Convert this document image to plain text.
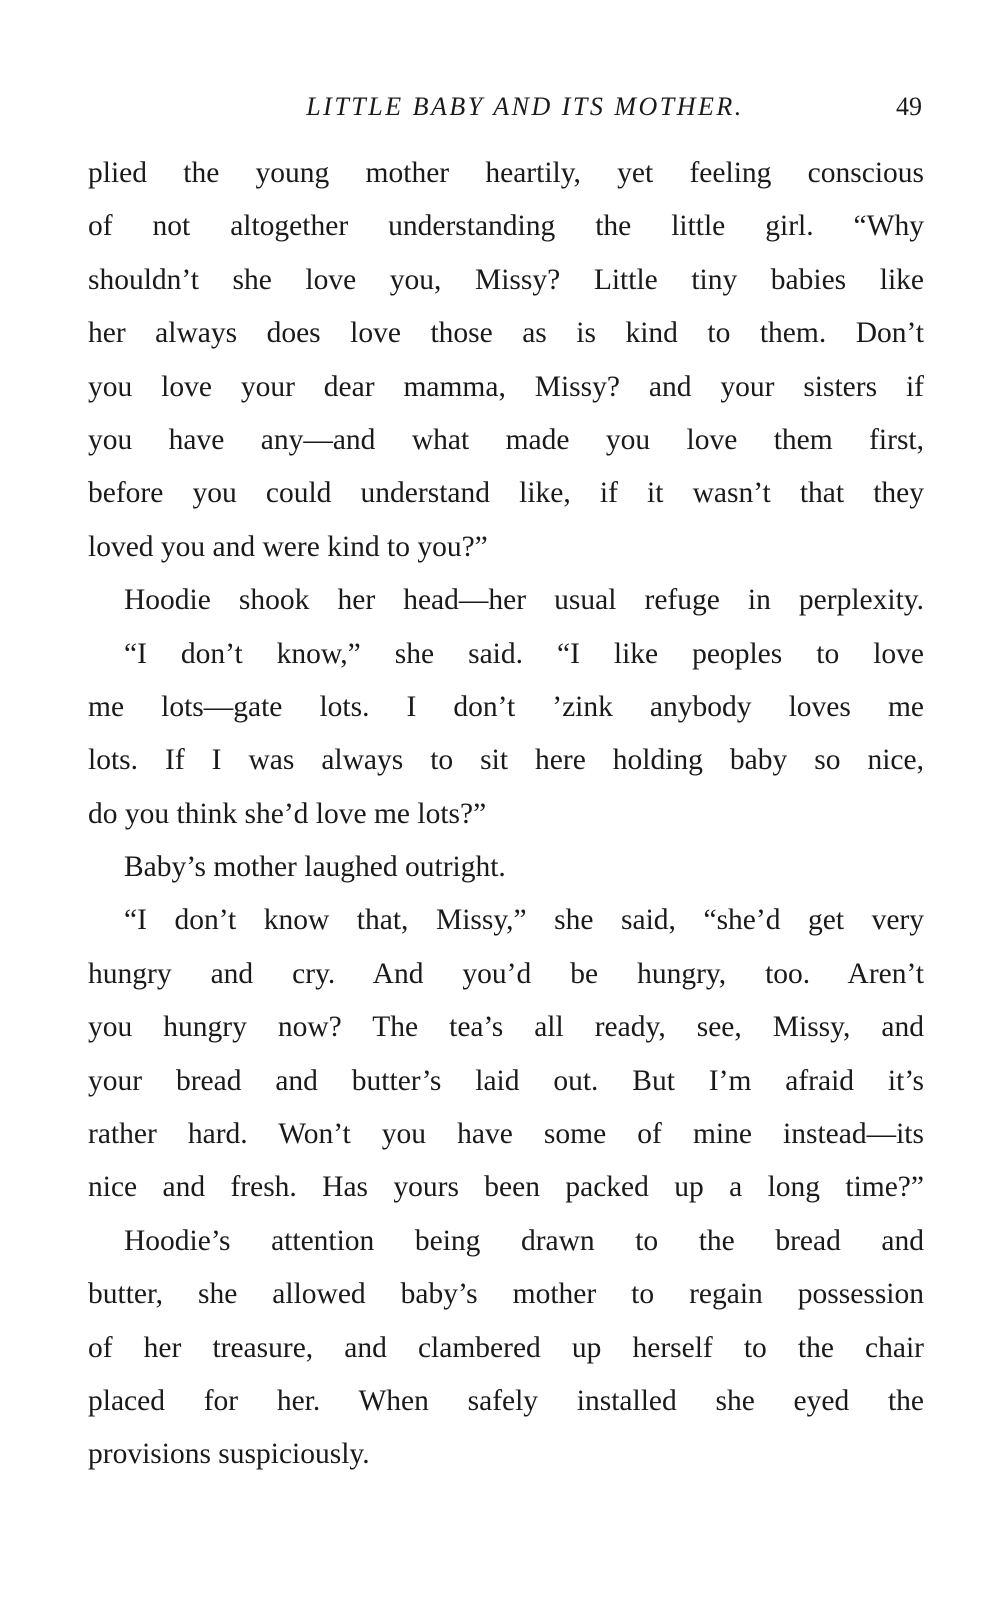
LITTLE BABY AND ITS MOTHER.	49
plied the young mother heartily, yet feeling conscious
of not altogether understanding the little girl. “Why
shouldn’t she love you, Missy? Little tiny babies like
her always does love those as is kind to them. Don’t
you love your dear mamma, Missy? and your sisters if
you have any—and what made you love them first,
before you could understand like, if it wasn’t that they
loved you and were kind to you?”
Hoodie shook her head—her usual refuge in perplexity.
“I don’t know,” she said. “I like peoples to love
me lots—gate lots. I don’t ’zink anybody loves me
lots. If I was always to sit here holding baby so nice,
do you think she’d love me lots?”
Baby’s mother laughed outright.
“I don’t know that, Missy,” she said, “she’d get very
hungry and cry. And you’d be hungry, too. Aren’t
you hungry now? The tea’s all ready, see, Missy, and
your bread and butter’s laid out. But I’m afraid it’s
rather hard. Won’t you have some of mine instead—its
nice and fresh. Has yours been packed up a long time?”
Hoodie’s attention being drawn to the bread and
butter, she allowed baby’s mother to regain possession
of her treasure, and clambered up herself to the chair
placed for her. When safely installed she eyed the
provisions suspiciously.
